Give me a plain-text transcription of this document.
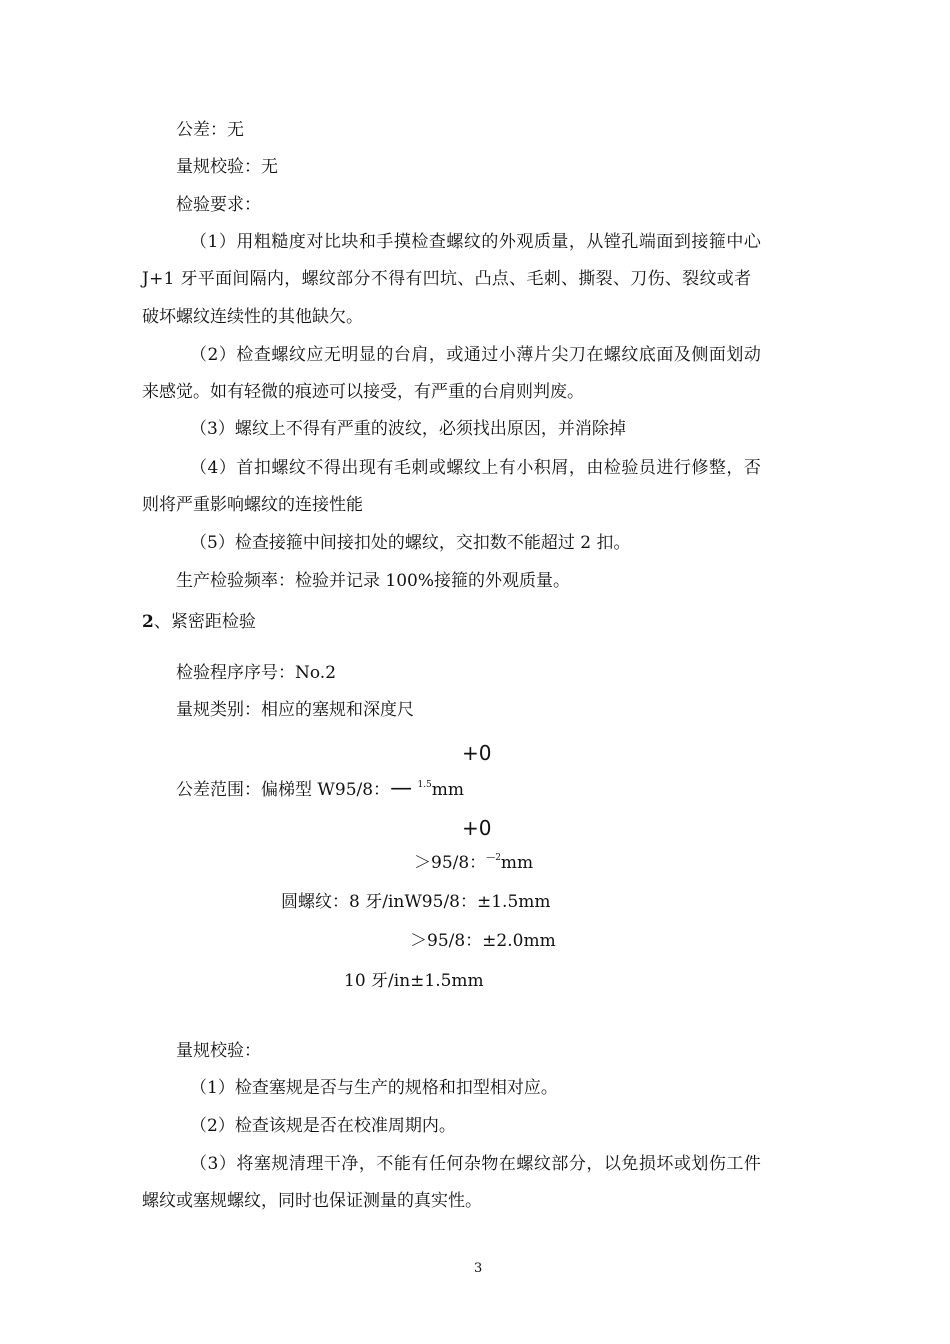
公差：无
量规校验：无
检验要求：
（1）用粗糙度对比块和手摸检查螺纹的外观质量，从镗孔端面到接箍中心
J+1 牙平面间隔内，螺纹部分不得有凹坑、凸点、毛刺、撕裂、刀伤、裂纹或者
破坏螺纹连续性的其他缺欠。
（2）检查螺纹应无明显的台肩，或通过小薄片尖刀在螺纹底面及侧面划动
来感觉。如有轻微的痕迹可以接受，有严重的台肩则判废。
（3）螺纹上不得有严重的波纹，必须找出原因，并消除掉
（4）首扣螺纹不得出现有毛刺或螺纹上有小积屑，由检验员进行修整，否
则将严重影响螺纹的连接性能
（5）检查接箍中间接扣处的螺纹，交扣数不能超过 2 扣。
生产检验频率：检验并记录 100%接箍的外观质量。
2、紧密距检验
检验程序序号：No.2
量规类别：相应的塞规和深度尺
+0
公差范围：偏梯型 W95/8：— $^{1.5}$mm
+0
＞95/8：$^{—2}$mm
圆螺纹：8 牙/inW95/8：±1.5mm
＞95/8：±2.0mm
10 牙/in±1.5mm
量规校验：
（1）检查塞规是否与生产的规格和扣型相对应。
（2）检查该规是否在校准周期内。
（3）将塞规清理干净，不能有任何杂物在螺纹部分，以免损坏或划伤工件
螺纹或塞规螺纹，同时也保证测量的真实性。
3
